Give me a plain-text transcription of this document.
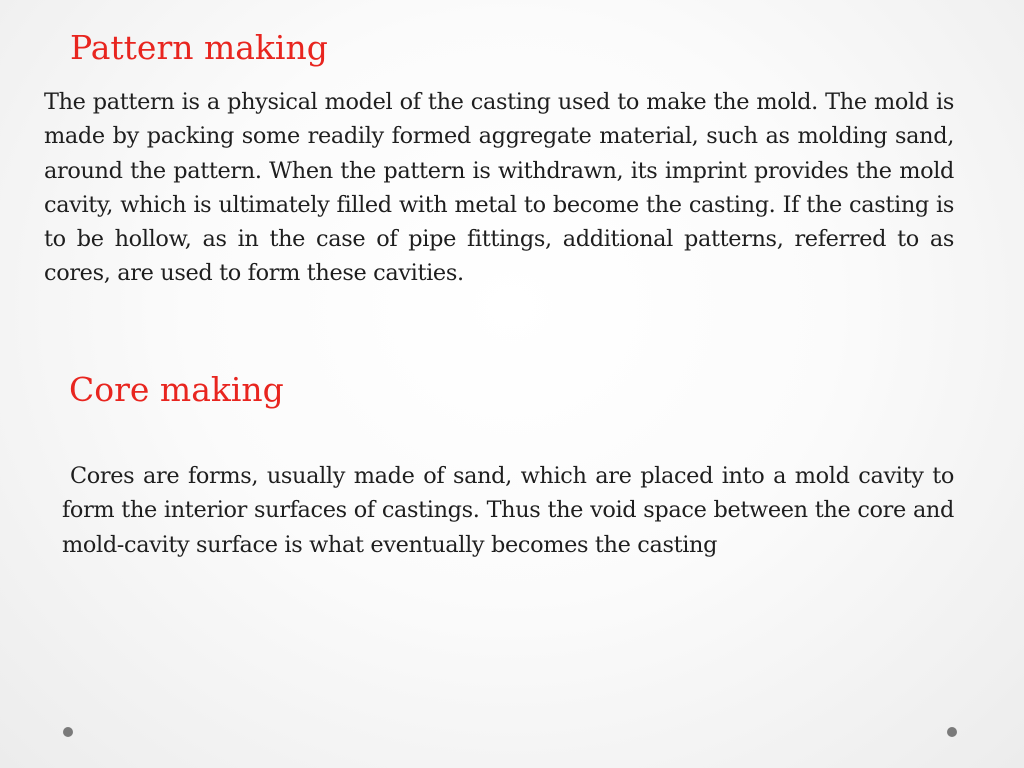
Pattern making

The pattern is a physical model of the casting used to make the mold. The mold is made by packing some readily formed aggregate material, such as molding sand, around the pattern. When the pattern is withdrawn, its imprint provides the mold cavity, which is ultimately filled with metal to become the casting. If the casting is to be hollow, as in the case of pipe fittings, additional patterns, referred to as cores, are used to form these cavities.

Core making

Cores are forms, usually made of sand, which are placed into a mold cavity to form the interior surfaces of castings. Thus the void space between the core and mold-cavity surface is what eventually becomes the casting
